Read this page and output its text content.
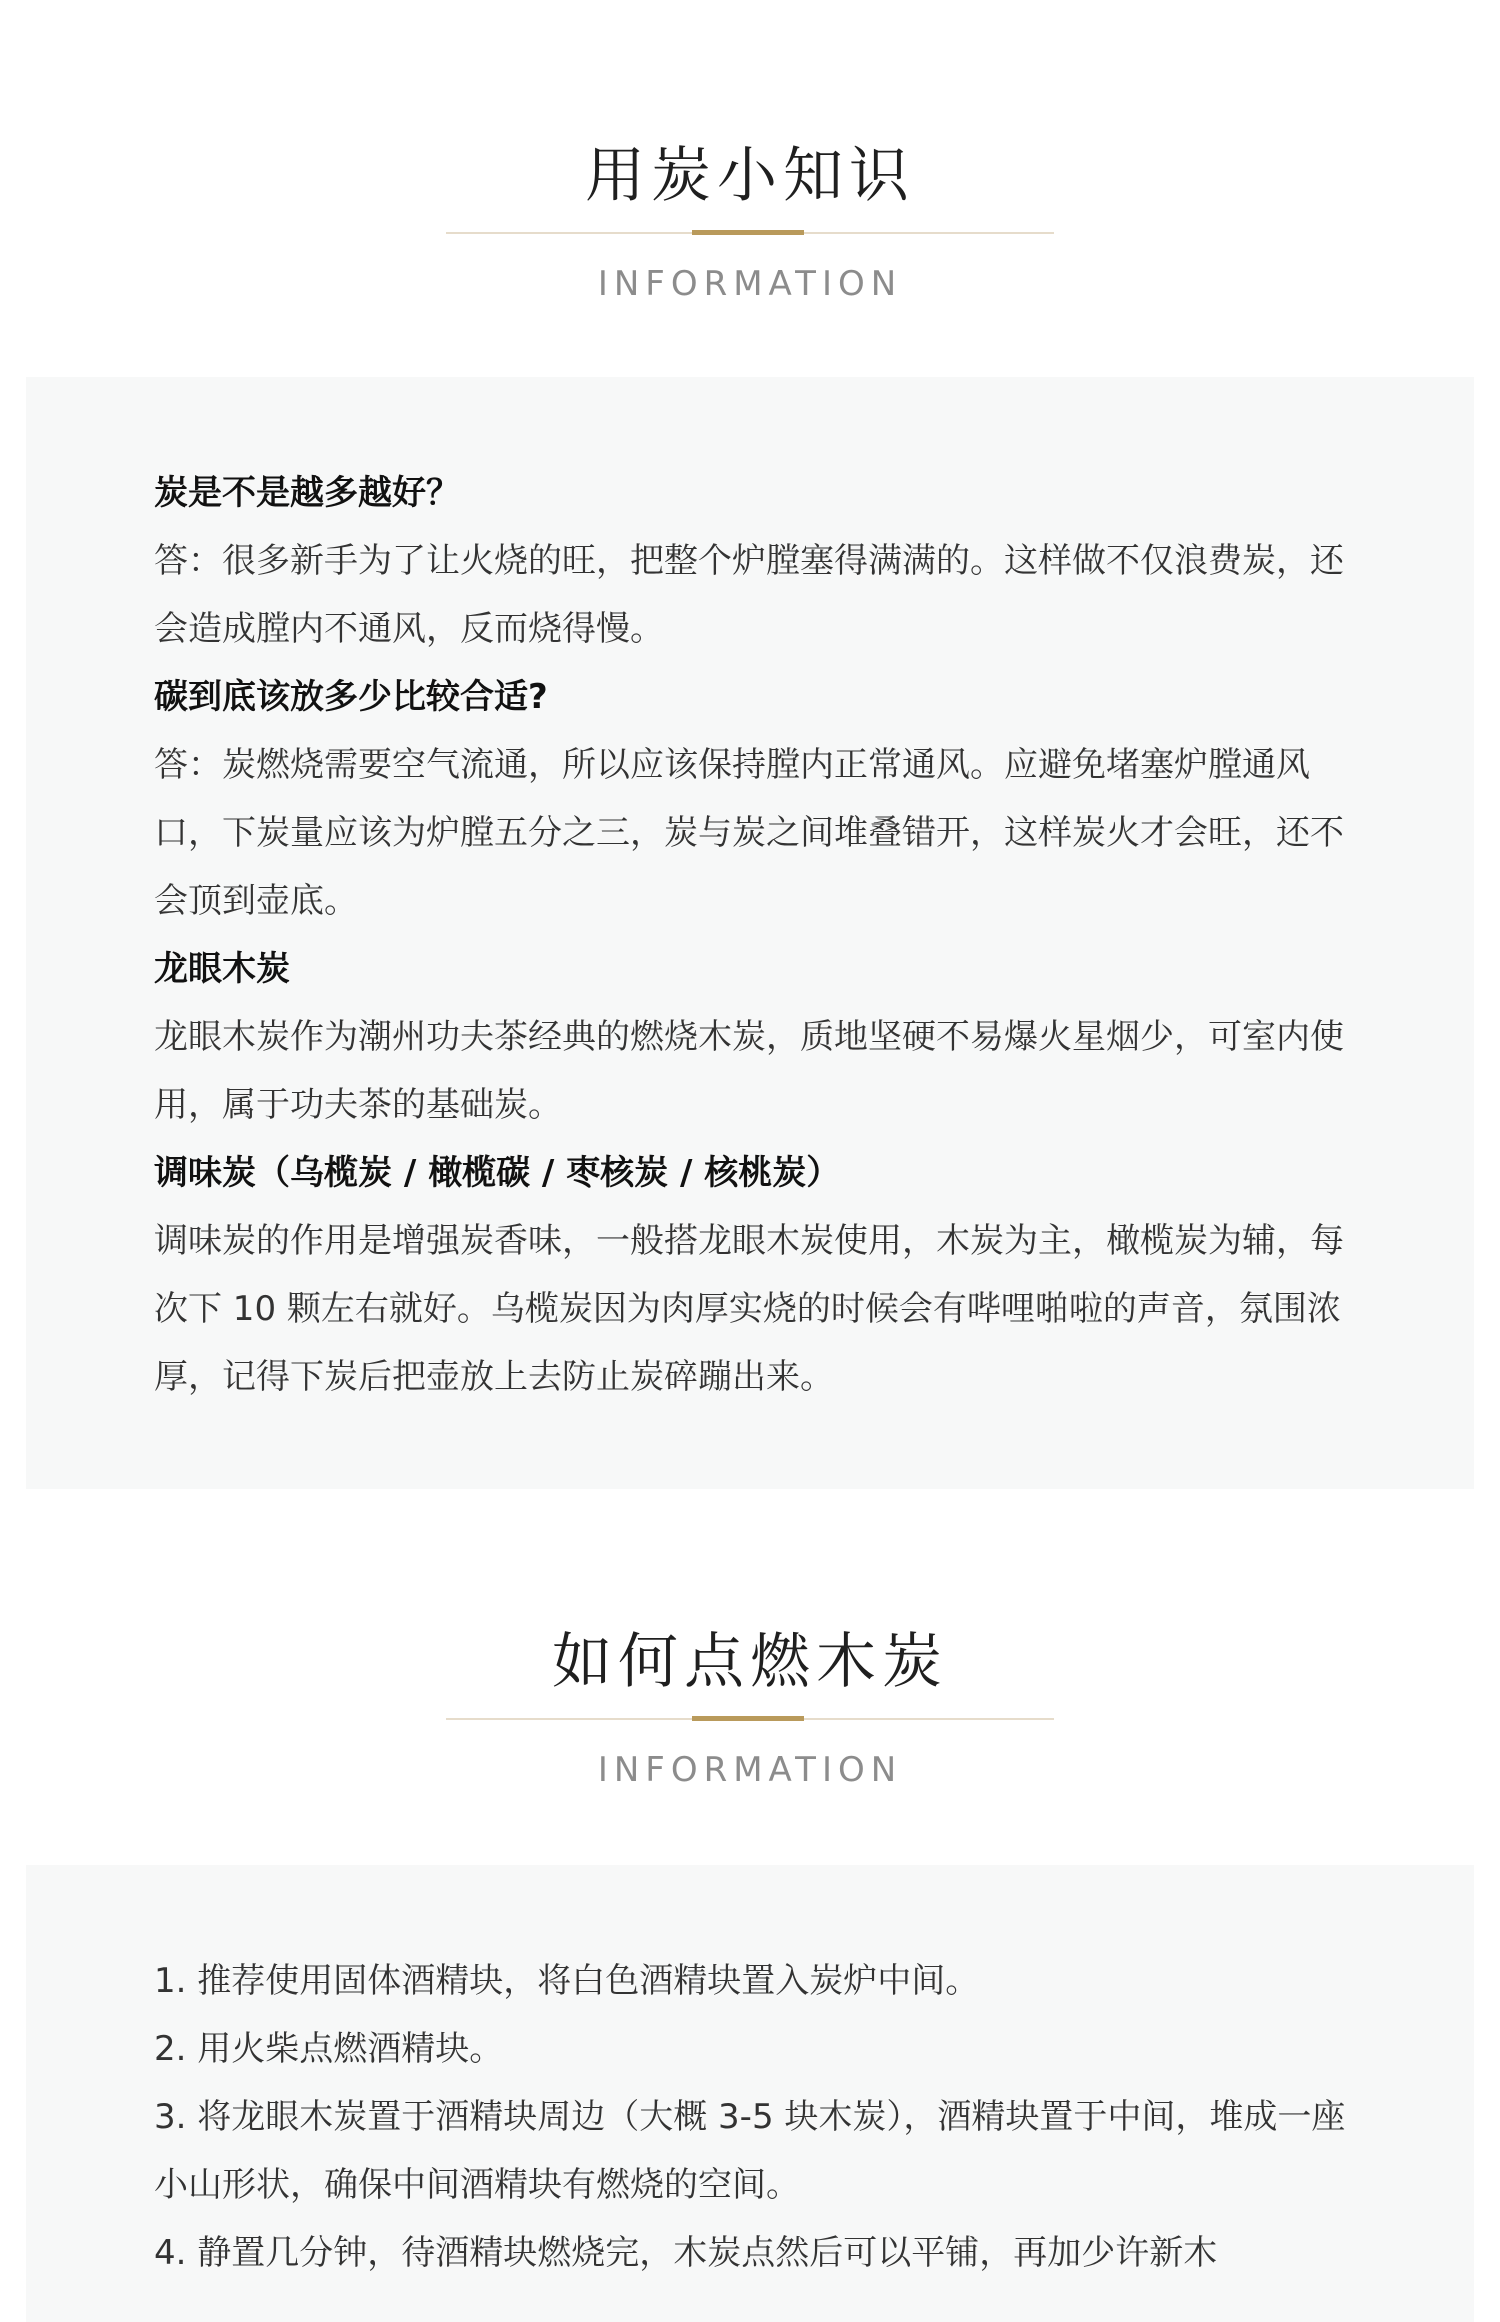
用炭小知识
INFORMATION
炭是不是越多越好？
答：很多新手为了让火烧的旺，把整个炉膛塞得满满的。这样做不仅浪费炭，还会造成膛内不通风，反而烧得慢。
碳到底该放多少比较合适?
答：炭燃烧需要空气流通，所以应该保持膛内正常通风。应避免堵塞炉膛通风口，下炭量应该为炉膛五分之三，炭与炭之间堆叠错开，这样炭火才会旺，还不会顶到壶底。
龙眼木炭
龙眼木炭作为潮州功夫茶经典的燃烧木炭，质地坚硬不易爆火星烟少，可室内使用，属于功夫茶的基础炭。
调味炭（乌榄炭 / 橄榄碳 / 枣核炭 / 核桃炭）
调味炭的作用是增强炭香味，一般搭龙眼木炭使用，木炭为主，橄榄炭为辅，每次下 10 颗左右就好。乌榄炭因为肉厚实烧的时候会有哔哩啪啦的声音，氛围浓厚，记得下炭后把壶放上去防止炭碎蹦出来。
如何点燃木炭
INFORMATION
1. 推荐使用固体酒精块，将白色酒精块置入炭炉中间。
2. 用火柴点燃酒精块。
3. 将龙眼木炭置于酒精块周边（大概 3-5 块木炭），酒精块置于中间，堆成一座小山形状，确保中间酒精块有燃烧的空间。
4. 静置几分钟，待酒精块燃烧完，木炭点然后可以平铺，再加少许新木
